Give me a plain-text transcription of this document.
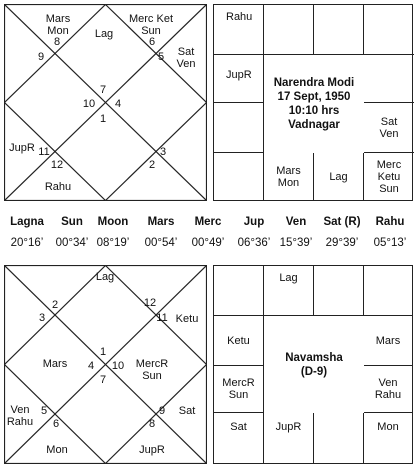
7
6
8
5
9
10 4
1
11	3
12	2
Mars
Mon Lag
Merc Ket
Sun
Sat
Ven
JupR
Rahu
Rahu
JupR
Sat
Ven
Mars
Mon	Lag
Merc
Ketu
Sun
Narendra Modi
17 Sept, 1950
10:10 hrs
Vadnagar
Lagna Sun Moon Mars Merc Jup Ven Sat (R) Rahu
20°16’ 00°34’ 08°19’ 00°54’ 00°49’ 06°36’ 15°39’ 29°39’ 05°13’
2	12
3	11
1
4 10
7
5	9
6	8
Lag
Ketu
Mars	MercR
Sun
Sat
Ven
Rahu
Mon	JupR
Lag
Ketu	Mars
MercR
Sun
Ven
Rahu
Sat	JupR	Mon
Navamsha
(D-9)
